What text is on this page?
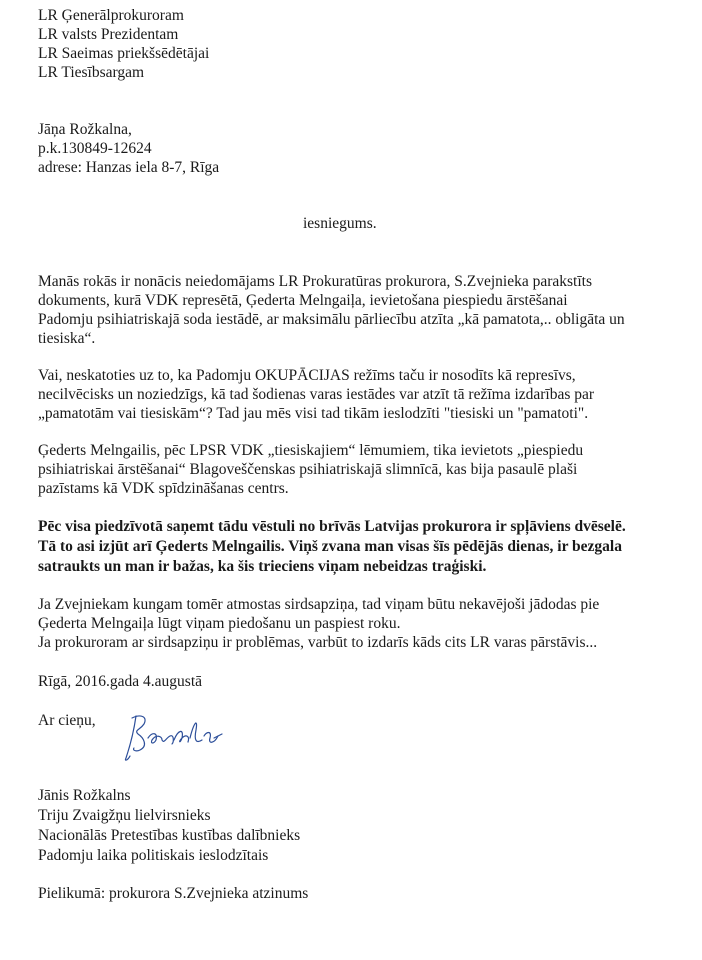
LR Ģenerālprokuroram
LR valsts Prezidentam
LR Saeimas priekšsēdētājai
LR Tiesībsargam
Jāņa Rožkalna,
p.k.130849-12624
adrese: Hanzas iela 8-7, Rīga
iesniegums.
Manās rokās ir nonācis neiedomājams LR Prokuratūras prokurora, S.Zvejnieka parakstīts
dokuments, kurā VDK represētā, Ģederta Melngaiļa, ievietošana piespiedu ārstēšanai
Padomju psihiatriskajā soda iestādē, ar maksimālu pārliecību atzīta „kā pamatota,.. obligāta un
tiesiska“.
Vai, neskatoties uz to, ka Padomju OKUPĀCIJAS režīms taču ir nosodīts kā represīvs,
necilvēcisks un noziedzīgs, kā tad šodienas varas iestādes var atzīt tā režīma izdarības par
„pamatotām vai tiesiskām“? Tad jau mēs visi tad tikām ieslodzīti "tiesiski un "pamatoti".
Ģederts Melngailis, pēc LPSR VDK „tiesiskajiem“ lēmumiem, tika ievietots „piespiedu
psihiatriskai ārstēšanai“ Blagoveščenskas psihiatriskajā slimnīcā, kas bija pasaulē plaši
pazīstams kā VDK spīdzināšanas centrs.
Pēc visa piedzīvotā saņemt tādu vēstuli no brīvās Latvijas prokurora ir spļāviens dvēselē.
Tā to asi izjūt arī Ģederts Melngailis. Viņš zvana man visas šīs pēdējās dienas, ir bezgala
satraukts un man ir bažas, ka šis trieciens viņam nebeidzas traģiski.
Ja Zvejniekam kungam tomēr atmostas sirdsapziņa, tad viņam būtu nekavējoši jādodas pie
Ģederta Melngaiļa lūgt viņam piedošanu un paspiest roku.
Ja prokuroram ar sirdsapziņu ir problēmas, varbūt to izdarīs kāds cits LR varas pārstāvis...
Rīgā, 2016.gada 4.augustā
Ar cieņu,
Jānis Rožkalns
Triju Zvaigžņu lielvirsnieks
Nacionālās Pretestības kustības dalībnieks
Padomju laika politiskais ieslodzītais
Pielikumā: prokurora S.Zvejnieka atzinums
